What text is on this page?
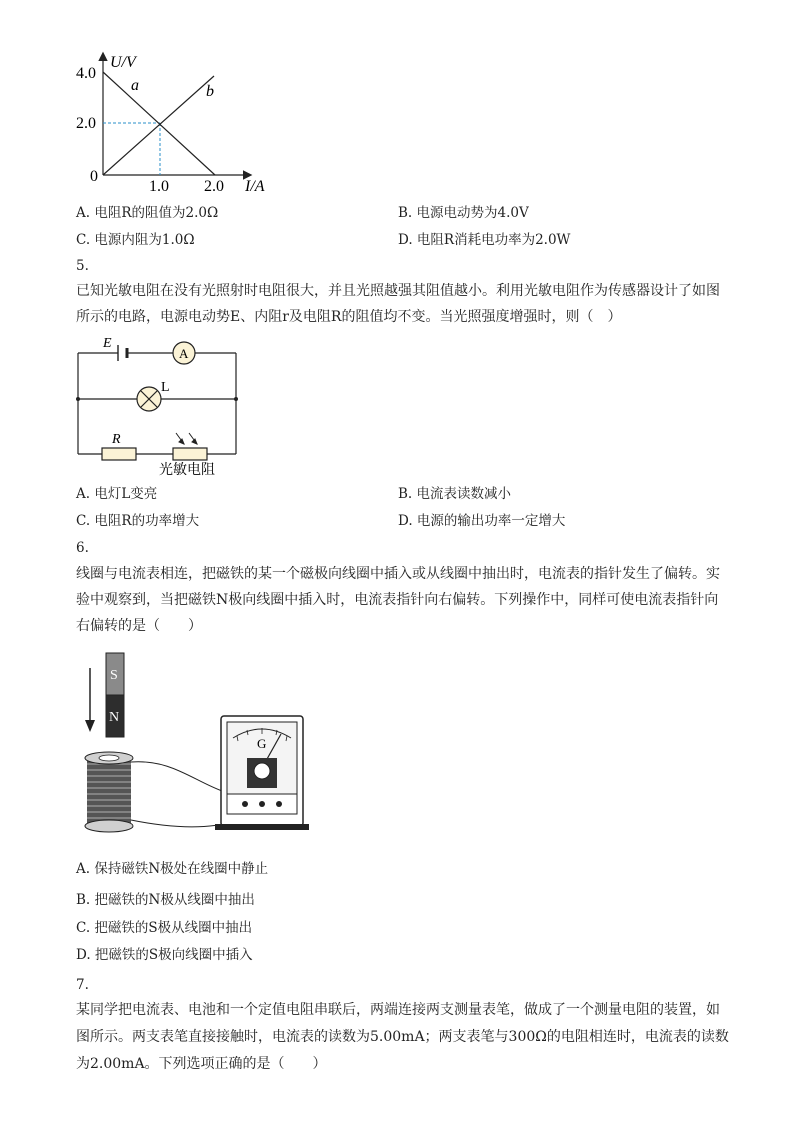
U/V
I/A
4.0
2.0
0
1.0 2.0
a	b
A. 电阻R的阻值为2.0Ω	B. 电源电动势为4.0V
C. 电源内阻为1.0Ω	D. 电阻R消耗电功率为2.0W
5.
已知光敏电阻在没有光照射时电阻很大，并且光照越强其阻值越小。利用光敏电阻作为传感器设计了如图
所示的电路，电源电动势E、内阻r及电阻R的阻值均不变。当光照强度增强时，则（　）
A
L
E
R
光敏电阻
A. 电灯L变亮	B. 电流表读数减小
C. 电阻R的功率增大	D. 电源的输出功率一定增大
6.
线圈与电流表相连，把磁铁的某一个磁极向线圈中插入或从线圈中抽出时，电流表的指针发生了偏转。实
验中观察到，当把磁铁N极向线圈中插入时，电流表指针向右偏转。下列操作中，同样可使电流表指针向
右偏转的是（　　）
S
N
G
A. 保持磁铁N极处在线圈中静止
B. 把磁铁的N极从线圈中抽出
C. 把磁铁的S极从线圈中抽出
D. 把磁铁的S极向线圈中插入
7.
某同学把电流表、电池和一个定值电阻串联后，两端连接两支测量表笔，做成了一个测量电阻的装置，如
图所示。两支表笔直接接触时，电流表的读数为5.00mA；两支表笔与300Ω的电阻相连时，电流表的读数
为2.00mA。下列选项正确的是（　　）
